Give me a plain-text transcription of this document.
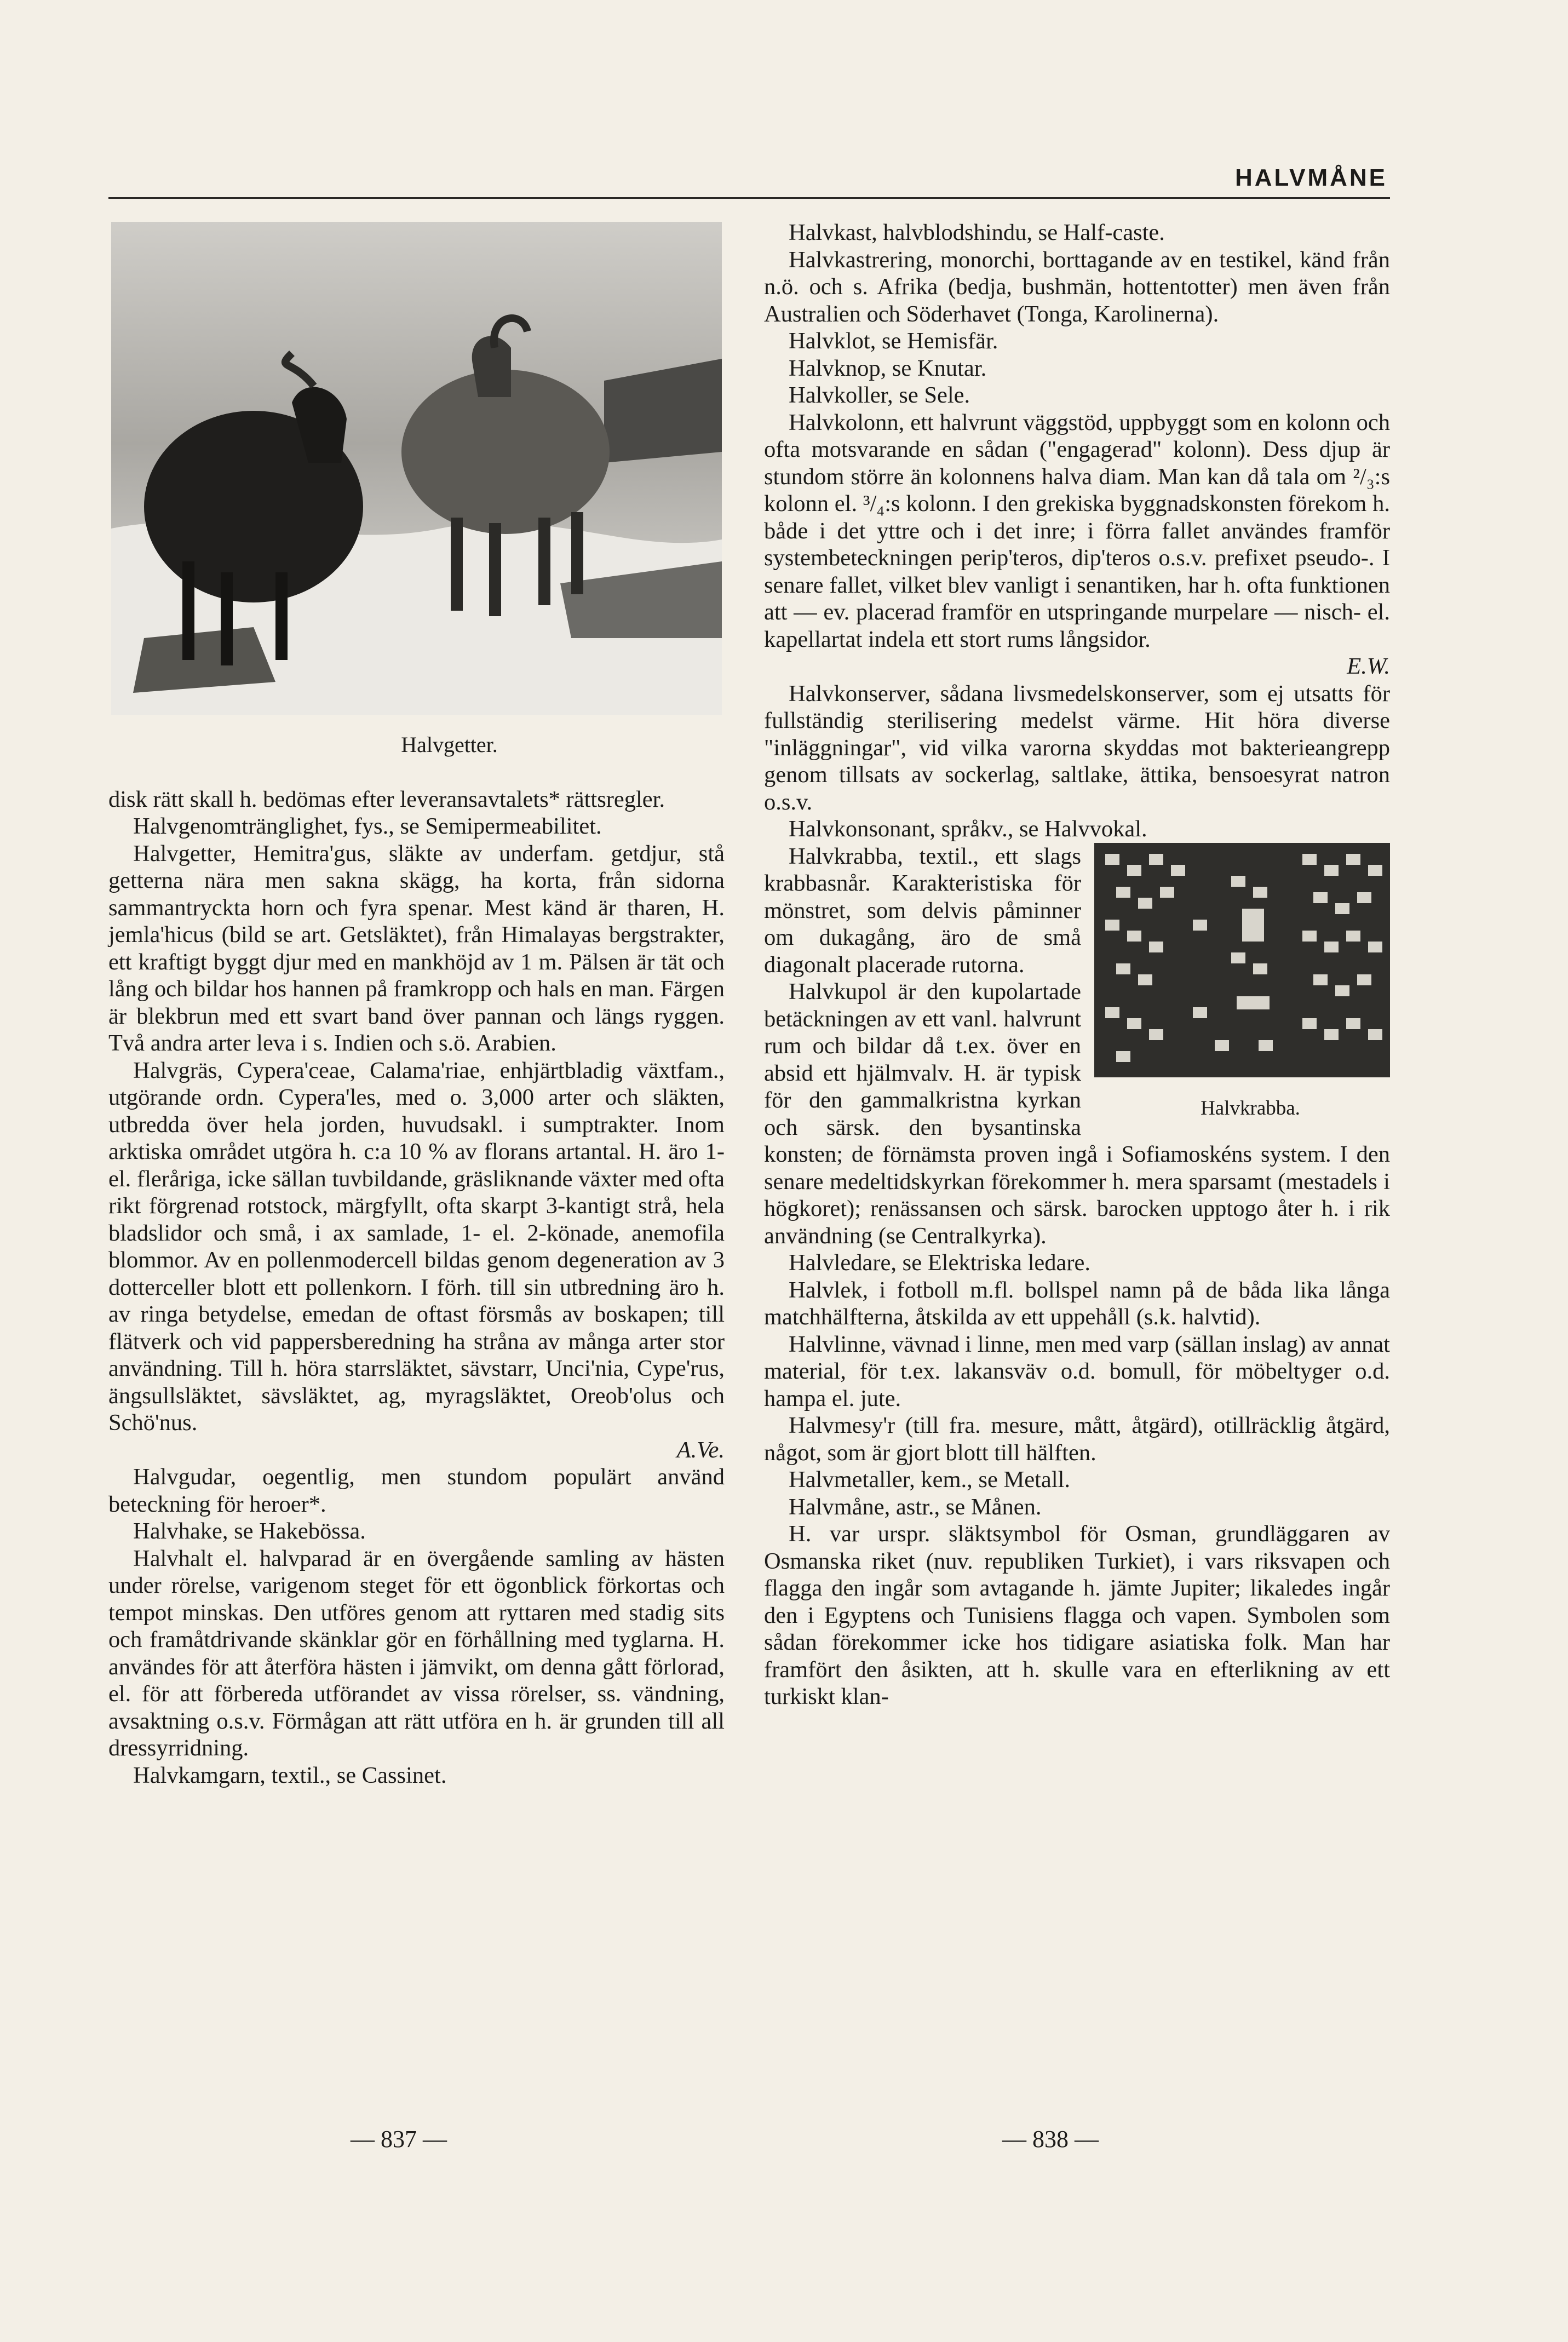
HALVMÅNE
Halvgetter.

disk rätt skall h. bedömas efter leveransavtalets* rättsregler.

Halvgenomtränglighet, fys., se Semipermeabilitet.

Halvgetter, Hemitra'gus, släkte av underfam. getdjur, stå getterna nära men sakna skägg, ha korta, från sidorna sammantryckta horn och fyra spenar. Mest känd är tharen, H. jemla'hicus (bild se art. Getsläktet), från Himalayas bergstrakter, ett kraftigt byggt djur med en mankhöjd av 1 m. Pälsen är tät och lång och bildar hos hannen på framkropp och hals en man. Färgen är blekbrun med ett svart band över pannan och längs ryggen. Två andra arter leva i s. Indien och s.ö. Arabien.

Halvgräs, Cypera'ceae, Calama'riae, enhjärtbladig växtfam., utgörande ordn. Cypera'les, med o. 3,000 arter och släkten, utbredda över hela jorden, huvudsakl. i sumptrakter. Inom arktiska området utgöra h. c:a 10 % av florans artantal. H. äro 1- el. fleråriga, icke sällan tuvbildande, gräsliknande växter med ofta rikt förgrenad rotstock, märgfyllt, ofta skarpt 3-kantigt strå, hela bladslidor och små, i ax samlade, 1- el. 2-könade, anemofila blommor. Av en pollenmodercell bildas genom degeneration av 3 dotterceller blott ett pollenkorn. I förh. till sin utbredning äro h. av ringa betydelse, emedan de oftast försmås av boskapen; till flätverk och vid pappersberedning ha stråna av många arter stor användning. Till h. höra starrsläktet, sävstarr, Unci'nia, Cype'rus, ängsullsläktet, sävsläktet, ag, myragsläktet, Oreob'olus och Schö'nus.

A.Ve.

Halvgudar, oegentlig, men stundom populärt använd beteckning för heroer*.

Halvhake, se Hakebössa.

Halvhalt el. halvparad är en övergående samling av hästen under rörelse, varigenom steget för ett ögonblick förkortas och tempot minskas. Den utföres genom att ryttaren med stadig sits och framåtdrivande skänklar gör en förhållning med tyglarna. H. användes för att återföra hästen i jämvikt, om denna gått förlorad, el. för att förbereda utförandet av vissa rörelser, ss. vändning, avsaktning o.s.v. Förmågan att rätt utföra en h. är grunden till all dressyrridning.

Halvkamgarn, textil., se Cassinet.

Halvkast, halvblodshindu, se Half-caste.

Halvkastrering, monorchi, borttagande av en testikel, känd från n.ö. och s. Afrika (bedja, bushmän, hottentotter) men även från Australien och Söderhavet (Tonga, Karolinerna).

Halvklot, se Hemisfär.

Halvknop, se Knutar.

Halvkoller, se Sele.

Halvkolonn, ett halvrunt väggstöd, uppbyggt som en kolonn och ofta motsvarande en sådan ("engagerad" kolonn). Dess djup är stundom större än kolonnens halva diam. Man kan då tala om ²/₃:s kolonn el. ³/₄:s kolonn. I den grekiska byggnadskonsten förekom h. både i det yttre och i det inre; i förra fallet användes framför systembeteckningen perip'teros, dip'teros o.s.v. prefixet pseudo-. I senare fallet, vilket blev vanligt i senantiken, har h. ofta funktionen att — ev. placerad framför en utspringande murpelare — nisch- el. kapellartat indela ett stort rums långsidor.

E.W.

Halvkonserver, sådana livsmedelskonserver, som ej utsatts för fullständig sterilisering medelst värme. Hit höra diverse "inläggningar", vid vilka varorna skyddas mot bakterieangrepp genom tillsats av sockerlag, saltlake, ättika, bensoesyrat natron o.s.v.

Halvkonsonant, språkv., se Halvvokal.

Halvkrabba.

Halvkrabba, textil., ett slags krabbasnår. Karakteristiska för mönstret, som delvis påminner om dukagång, äro de små diagonalt placerade rutorna.

Halvkupol är den kupolartade betäckningen av ett vanl. halvrunt rum och bildar då t.ex. över en absid ett hjälmvalv. H. är typisk för den gammalkristna kyrkan och särsk. den bysantinska konsten; de förnämsta proven ingå i Sofiamoskéns system. I den senare medeltidskyrkan förekommer h. mera sparsamt (mestadels i högkoret); renässansen och särsk. barocken upptogo åter h. i rik användning (se Centralkyrka).

Halvledare, se Elektriska ledare.

Halvlek, i fotboll m.fl. bollspel namn på de båda lika långa matchhälfterna, åtskilda av ett uppehåll (s.k. halvtid).

Halvlinne, vävnad i linne, men med varp (sällan inslag) av annat material, för t.ex. lakansväv o.d. bomull, för möbeltyger o.d. hampa el. jute.

Halvmesy'r (till fra. mesure, mått, åtgärd), otillräcklig åtgärd, något, som är gjort blott till hälften.

Halvmetaller, kem., se Metall.

Halvmåne, astr., se Månen.

H. var urspr. släktsymbol för Osman, grundläggaren av Osmanska riket (nuv. republiken Turkiet), i vars riksvapen och flagga den ingår som avtagande h. jämte Jupiter; likaledes ingår den i Egyptens och Tunisiens flagga och vapen. Symbolen som sådan förekommer icke hos tidigare asiatiska folk. Man har framfört den åsikten, att h. skulle vara en efterlikning av ett turkiskt klan-

— 837 —	— 838 —
